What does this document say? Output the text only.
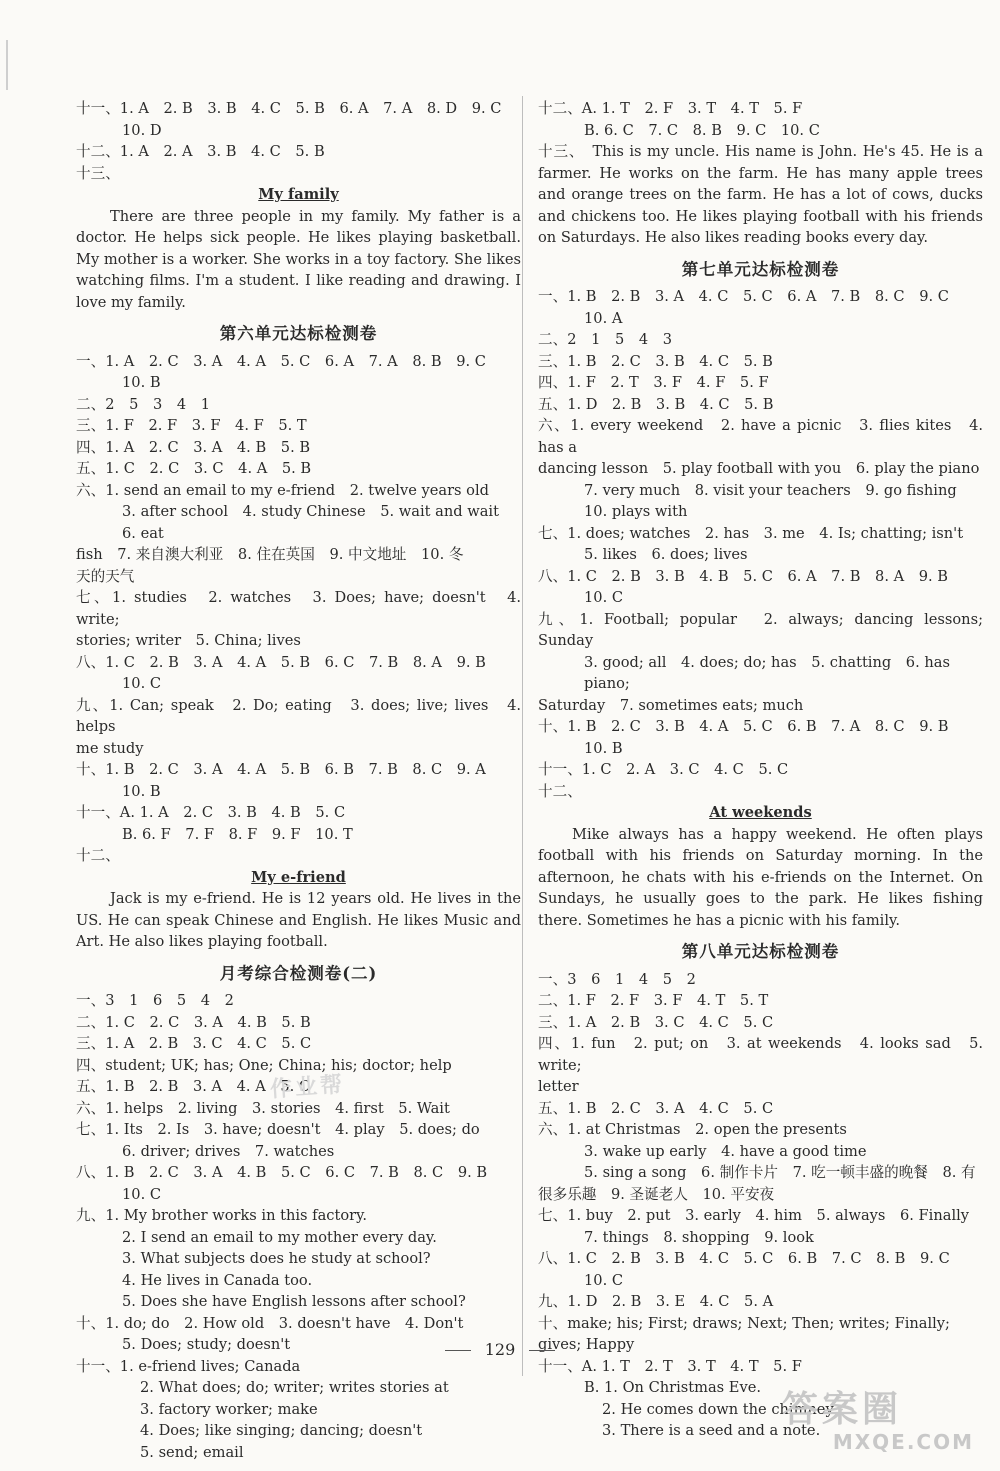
十一、1. A　2. B　3. B　4. C　5. B　6. A　7. A　8. D　9. C
10. D
十二、1. A　2. A　3. B　4. C　5. B
十三、
My family
There are three people in my family. My father is a doctor. He helps sick people. He likes playing basketball. My mother is a worker. She works in a toy factory. She likes watching films. I'm a student. I like reading and drawing. I love my family.
第六单元达标检测卷
一、1. A　2. C　3. A　4. A　5. C　6. A　7. A　8. B　9. C
10. B
二、2　5　3　4　1
三、1. F　2. F　3. F　4. F　5. T
四、1. A　2. C　3. A　4. B　5. B
五、1. C　2. C　3. C　4. A　5. B
六、1. send an email to my e-friend　2. twelve years old
3. after school　4. study Chinese　5. wait and wait　6. eat
fish　7. 来自澳大利亚　8. 住在英国　9. 中文地址　10. 冬
天的天气
七、1. studies　2. watches　3. Does; have; doesn't　4. write;
stories; writer　5. China; lives
八、1. C　2. B　3. A　4. A　5. B　6. C　7. B　8. A　9. B
10. C
九、1. Can; speak　2. Do; eating　3. does; live; lives　4. helps
me study
十、1. B　2. C　3. A　4. A　5. B　6. B　7. B　8. C　9. A
10. B
十一、A. 1. A　2. C　3. B　4. B　5. C
B. 6. F　7. F　8. F　9. F　10. T
十二、
My e-friend
Jack is my e-friend. He is 12 years old. He lives in the US. He can speak Chinese and English. He likes Music and Art. He also likes playing football.
月考综合检测卷(二)
一、3　1　6　5　4　2
二、1. C　2. C　3. A　4. B　5. B
三、1. A　2. B　3. C　4. C　5. C
四、student; UK; has; One; China; his; doctor; help
五、1. B　2. B　3. A　4. A　5. C
六、1. helps　2. living　3. stories　4. first　5. Wait
七、1. Its　2. Is　3. have; doesn't　4. play　5. does; do
6. driver; drives　7. watches
八、1. B　2. C　3. A　4. B　5. C　6. C　7. B　8. C　9. B
10. C
九、1. My brother works in this factory.
2. I send an email to my mother every day.
3. What subjects does he study at school?
4. He lives in Canada too.
5. Does she have English lessons after school?
十、1. do; do　2. How old　3. doesn't have　4. Don't
5. Does; study; doesn't
十一、1. e-friend lives; Canada
2. What does; do; writer; writes stories at
3. factory worker; make
4. Does; like singing; dancing; doesn't
5. send; email
十二、A. 1. T　2. F　3. T　4. T　5. F
B. 6. C　7. C　8. B　9. C　10. C
十三、　This is my uncle. His name is John. He's 45. He is a farmer. He works on the farm. He has many apple trees and orange trees on the farm. He has a lot of cows, ducks and chickens too. He likes playing football with his friends on Saturdays. He also likes reading books every day.
第七单元达标检测卷
一、1. B　2. B　3. A　4. C　5. C　6. A　7. B　8. C　9. C
10. A
二、2　1　5　4　3
三、1. B　2. C　3. B　4. C　5. B
四、1. F　2. T　3. F　4. F　5. F
五、1. D　2. B　3. B　4. C　5. B
六、1. every weekend　2. have a picnic　3. flies kites　4. has a
dancing lesson　5. play football with you　6. play the piano
7. very much　8. visit your teachers　9. go fishing
10. plays with
七、1. does; watches　2. has　3. me　4. Is; chatting; isn't
5. likes　6. does; lives
八、1. C　2. B　3. B　4. B　5. C　6. A　7. B　8. A　9. B
10. C
九、1. Football; popular　2. always; dancing lessons; Sunday
3. good; all　4. does; do; has　5. chatting　6. has piano;
Saturday　7. sometimes eats; much
十、1. B　2. C　3. B　4. A　5. C　6. B　7. A　8. C　9. B
10. B
十一、1. C　2. A　3. C　4. C　5. C
十二、
At weekends
Mike always has a happy weekend. He often plays football with his friends on Saturday morning. In the afternoon, he chats with his e-friends on the Internet. On Sundays, he usually goes to the park. He likes fishing there. Sometimes he has a picnic with his family.
第八单元达标检测卷
一、3　6　1　4　5　2
二、1. F　2. F　3. F　4. T　5. T
三、1. A　2. B　3. C　4. C　5. C
四、1. fun　2. put; on　3. at weekends　4. looks sad　5. write;
letter
五、1. B　2. C　3. A　4. C　5. C
六、1. at Christmas　2. open the presents
3. wake up early　4. have a good time
5. sing a song　6. 制作卡片　7. 吃一顿丰盛的晚餐　8. 有
很多乐趣　9. 圣诞老人　10. 平安夜
七、1. buy　2. put　3. early　4. him　5. always　6. Finally
7. things　8. shopping　9. look
八、1. C　2. B　3. B　4. C　5. C　6. B　7. C　8. B　9. C
10. C
九、1. D　2. B　3. E　4. C　5. A
十、make; his; First; draws; Next; Then; writes; Finally;
gives; Happy
十一、A. 1. T　2. T　3. T　4. T　5. F
B. 1. On Christmas Eve.
2. He comes down the chimney.
3. There is a seed and a note.
129
作业帮
答案圈
MXQE.COM
